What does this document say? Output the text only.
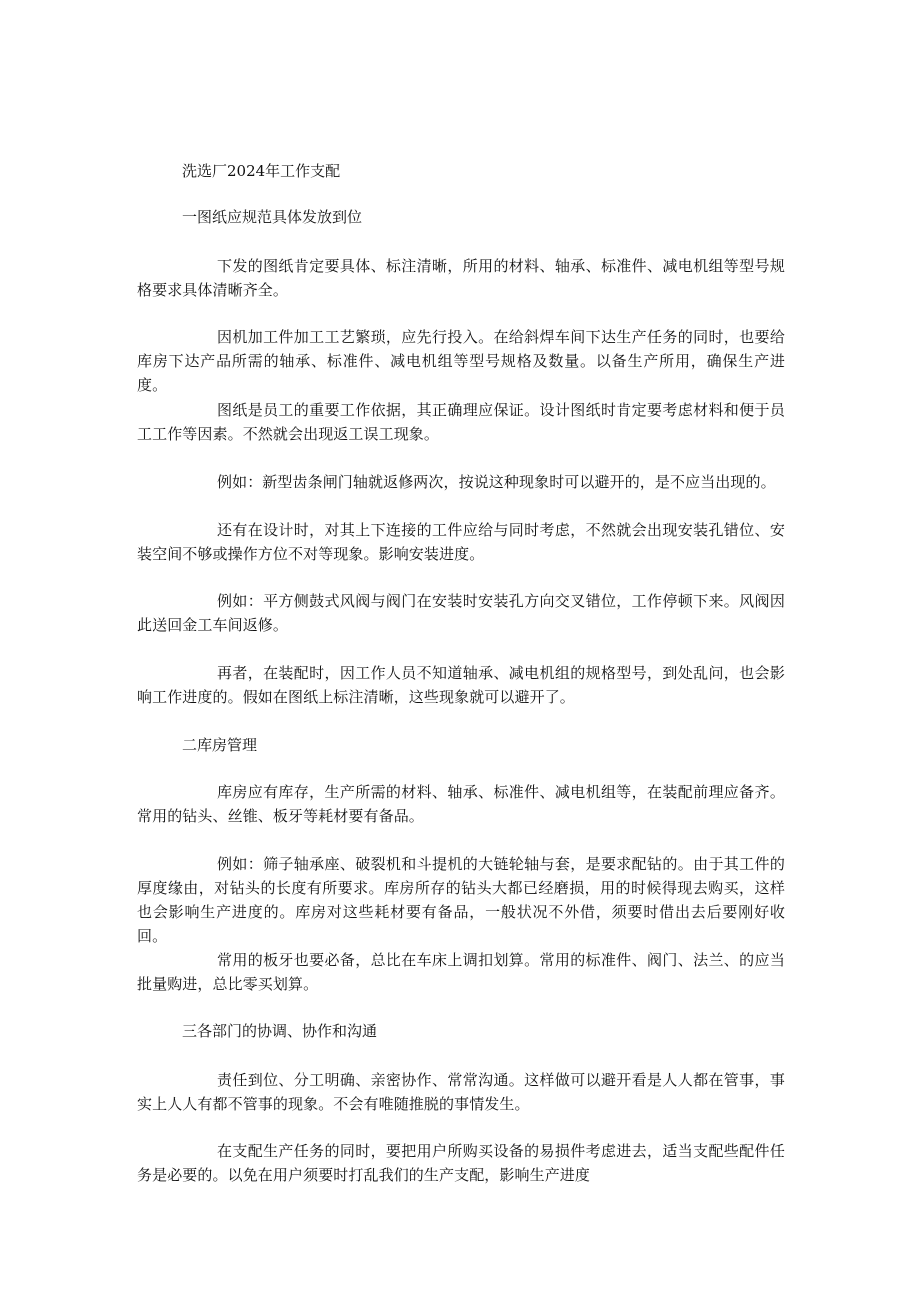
洗选厂2024年工作支配

一图纸应规范具体发放到位

下发的图纸肯定要具体、标注清晰，所用的材料、轴承、标准件、减电机组等型号规格要求具体清晰齐全。

因机加工件加工工艺繁琐，应先行投入。在给斜焊车间下达生产任务的同时，也要给库房下达产品所需的轴承、标准件、减电机组等型号规格及数量。以备生产所用，确保生产进度。

图纸是员工的重要工作依据，其正确理应保证。设计图纸时肯定要考虑材料和便于员工工作等因素。不然就会出现返工误工现象。

例如：新型齿条闸门轴就返修两次，按说这种现象时可以避开的，是不应当出现的。

还有在设计时，对其上下连接的工件应给与同时考虑，不然就会出现安装孔错位、安装空间不够或操作方位不对等现象。影响安装进度。

例如：平方侧鼓式风阀与阀门在安装时安装孔方向交叉错位，工作停顿下来。风阀因此送回金工车间返修。

再者，在装配时，因工作人员不知道轴承、减电机组的规格型号，到处乱问，也会影响工作进度的。假如在图纸上标注清晰，这些现象就可以避开了。

二库房管理

库房应有库存，生产所需的材料、轴承、标准件、减电机组等，在装配前理应备齐。常用的钻头、丝锥、板牙等耗材要有备品。

例如：筛子轴承座、破裂机和斗提机的大链轮轴与套，是要求配钻的。由于其工件的厚度缘由，对钻头的长度有所要求。库房所存的钻头大都已经磨损，用的时候得现去购买，这样也会影响生产进度的。库房对这些耗材要有备品，一般状况不外借，须要时借出去后要刚好收回。

常用的板牙也要必备，总比在车床上调扣划算。常用的标准件、阀门、法兰、的应当批量购进，总比零买划算。

三各部门的协调、协作和沟通

责任到位、分工明确、亲密协作、常常沟通。这样做可以避开看是人人都在管事，事实上人人有都不管事的现象。不会有唯随推脱的事情发生。

在支配生产任务的同时，要把用户所购买设备的易损件考虑进去，适当支配些配件任务是必要的。以免在用户须要时打乱我们的生产支配，影响生产进度
